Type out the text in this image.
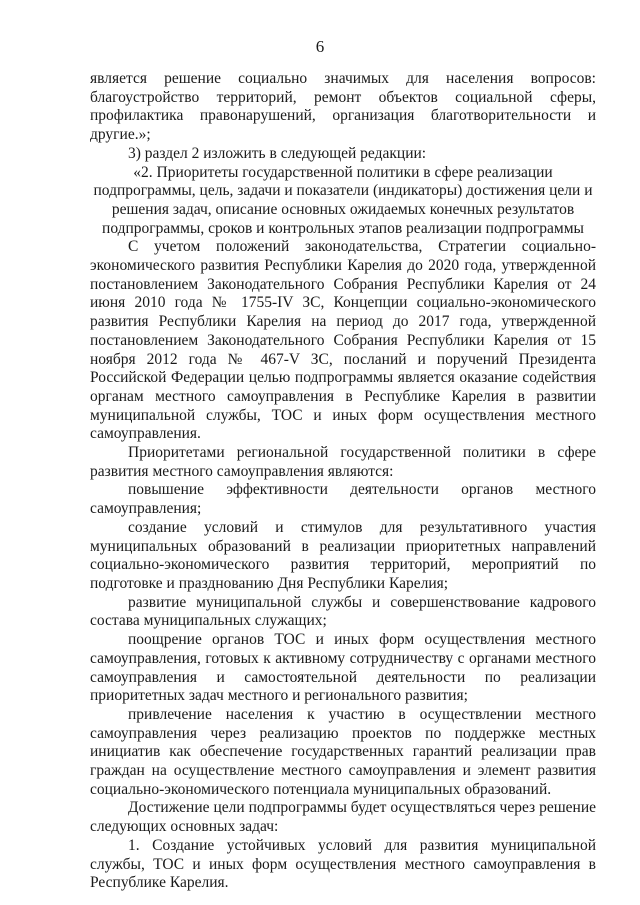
6

является решение социально значимых для населения вопросов: благоустройство территорий, ремонт объектов социальной сферы, профилактика правонарушений, организация благотворительности и другие.»;

3) раздел 2 изложить в следующей редакции:

«2. Приоритеты государственной политики в сфере реализации
подпрограммы, цель, задачи и показатели (индикаторы) достижения цели и
решения задач, описание основных ожидаемых конечных результатов
подпрограммы, сроков и контрольных этапов реализации подпрограммы

С учетом положений законодательства, Стратегии социально-экономического развития Республики Карелия до 2020 года, утвержденной постановлением Законодательного Собрания Республики Карелия от 24 июня 2010 года № 1755-IV ЗС, Концепции социально-экономического развития Республики Карелия на период до 2017 года, утвержденной постановлением Законодательного Собрания Республики Карелия от 15 ноября 2012 года № 467-V ЗС, посланий и поручений Президента Российской Федерации целью подпрограммы является оказание содействия органам местного самоуправления в Республике Карелия в развитии муниципальной службы, ТОС и иных форм осуществления местного самоуправления.

Приоритетами региональной государственной политики в сфере развития местного самоуправления являются:

повышение эффективности деятельности органов местного самоуправления;

создание условий и стимулов для результативного участия муниципальных образований в реализации приоритетных направлений социально-экономического развития территорий, мероприятий по подготовке и празднованию Дня Республики Карелия;

развитие муниципальной службы и совершенствование кадрового состава муниципальных служащих;

поощрение органов ТОС и иных форм осуществления местного самоуправления, готовых к активному сотрудничеству с органами местного самоуправления и самостоятельной деятельности по реализации приоритетных задач местного и регионального развития;

привлечение населения к участию в осуществлении местного самоуправления через реализацию проектов по поддержке местных инициатив как обеспечение государственных гарантий реализации прав граждан на осуществление местного самоуправления и элемент развития социально-экономического потенциала муниципальных образований.

Достижение цели подпрограммы будет осуществляться через решение следующих основных задач:

1. Создание устойчивых условий для развития муниципальной службы, ТОС и иных форм осуществления местного самоуправления в Республике Карелия.
